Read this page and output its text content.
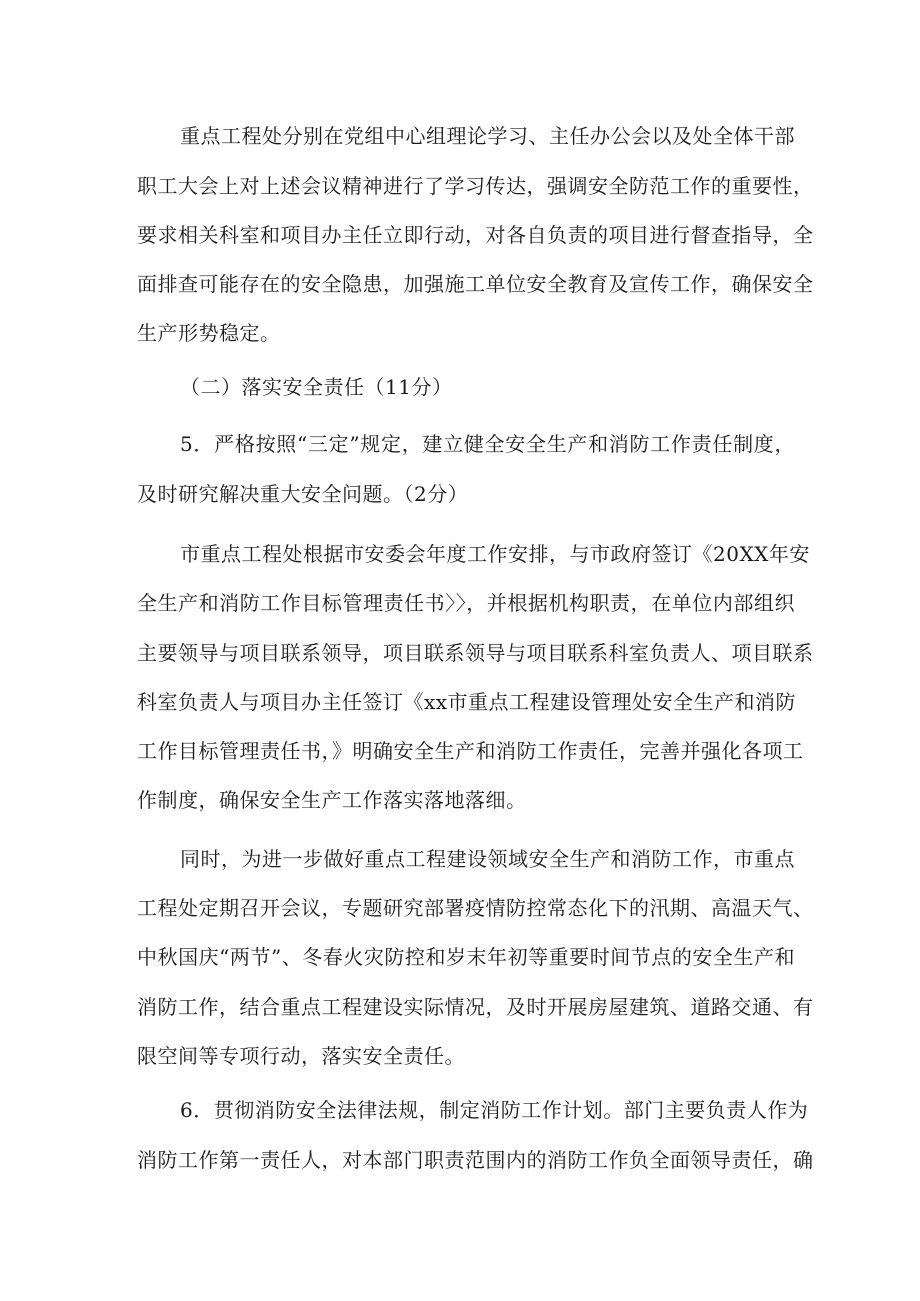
重点工程处分别在党组中心组理论学习、主任办公会以及处全体干部
职工大会上对上述会议精神进行了学习传达，强调安全防范工作的重要性，
要求相关科室和项目办主任立即行动，对各自负责的项目进行督查指导，全
面排查可能存在的安全隐患，加强施工单位安全教育及宣传工作，确保安全
生产形势稳定。
（二）落实安全责任（11分）
5．严格按照“三定”规定，建立健全安全生产和消防工作责任制度，
及时研究解决重大安全问题。（2分）
市重点工程处根据市安委会年度工作安排，与市政府签订《20XX年安
全生产和消防工作目标管理责任书〉〉，并根据机构职责，在单位内部组织
主要领导与项目联系领导，项目联系领导与项目联系科室负责人、项目联系
科室负责人与项目办主任签订《xx市重点工程建设管理处安全生产和消防
工作目标管理责任书，》明确安全生产和消防工作责任，完善并强化各项工
作制度，确保安全生产工作落实落地落细。
同时，为进一步做好重点工程建设领域安全生产和消防工作，市重点
工程处定期召开会议，专题研究部署疫情防控常态化下的汛期、高温天气、
中秋国庆“两节”、冬春火灾防控和岁末年初等重要时间节点的安全生产和
消防工作，结合重点工程建设实际情况，及时开展房屋建筑、道路交通、有
限空间等专项行动，落实安全责任。
6．贯彻消防安全法律法规，制定消防工作计划。部门主要负责人作为
消防工作第一责任人，对本部门职责范围内的消防工作负全面领导责任，确
